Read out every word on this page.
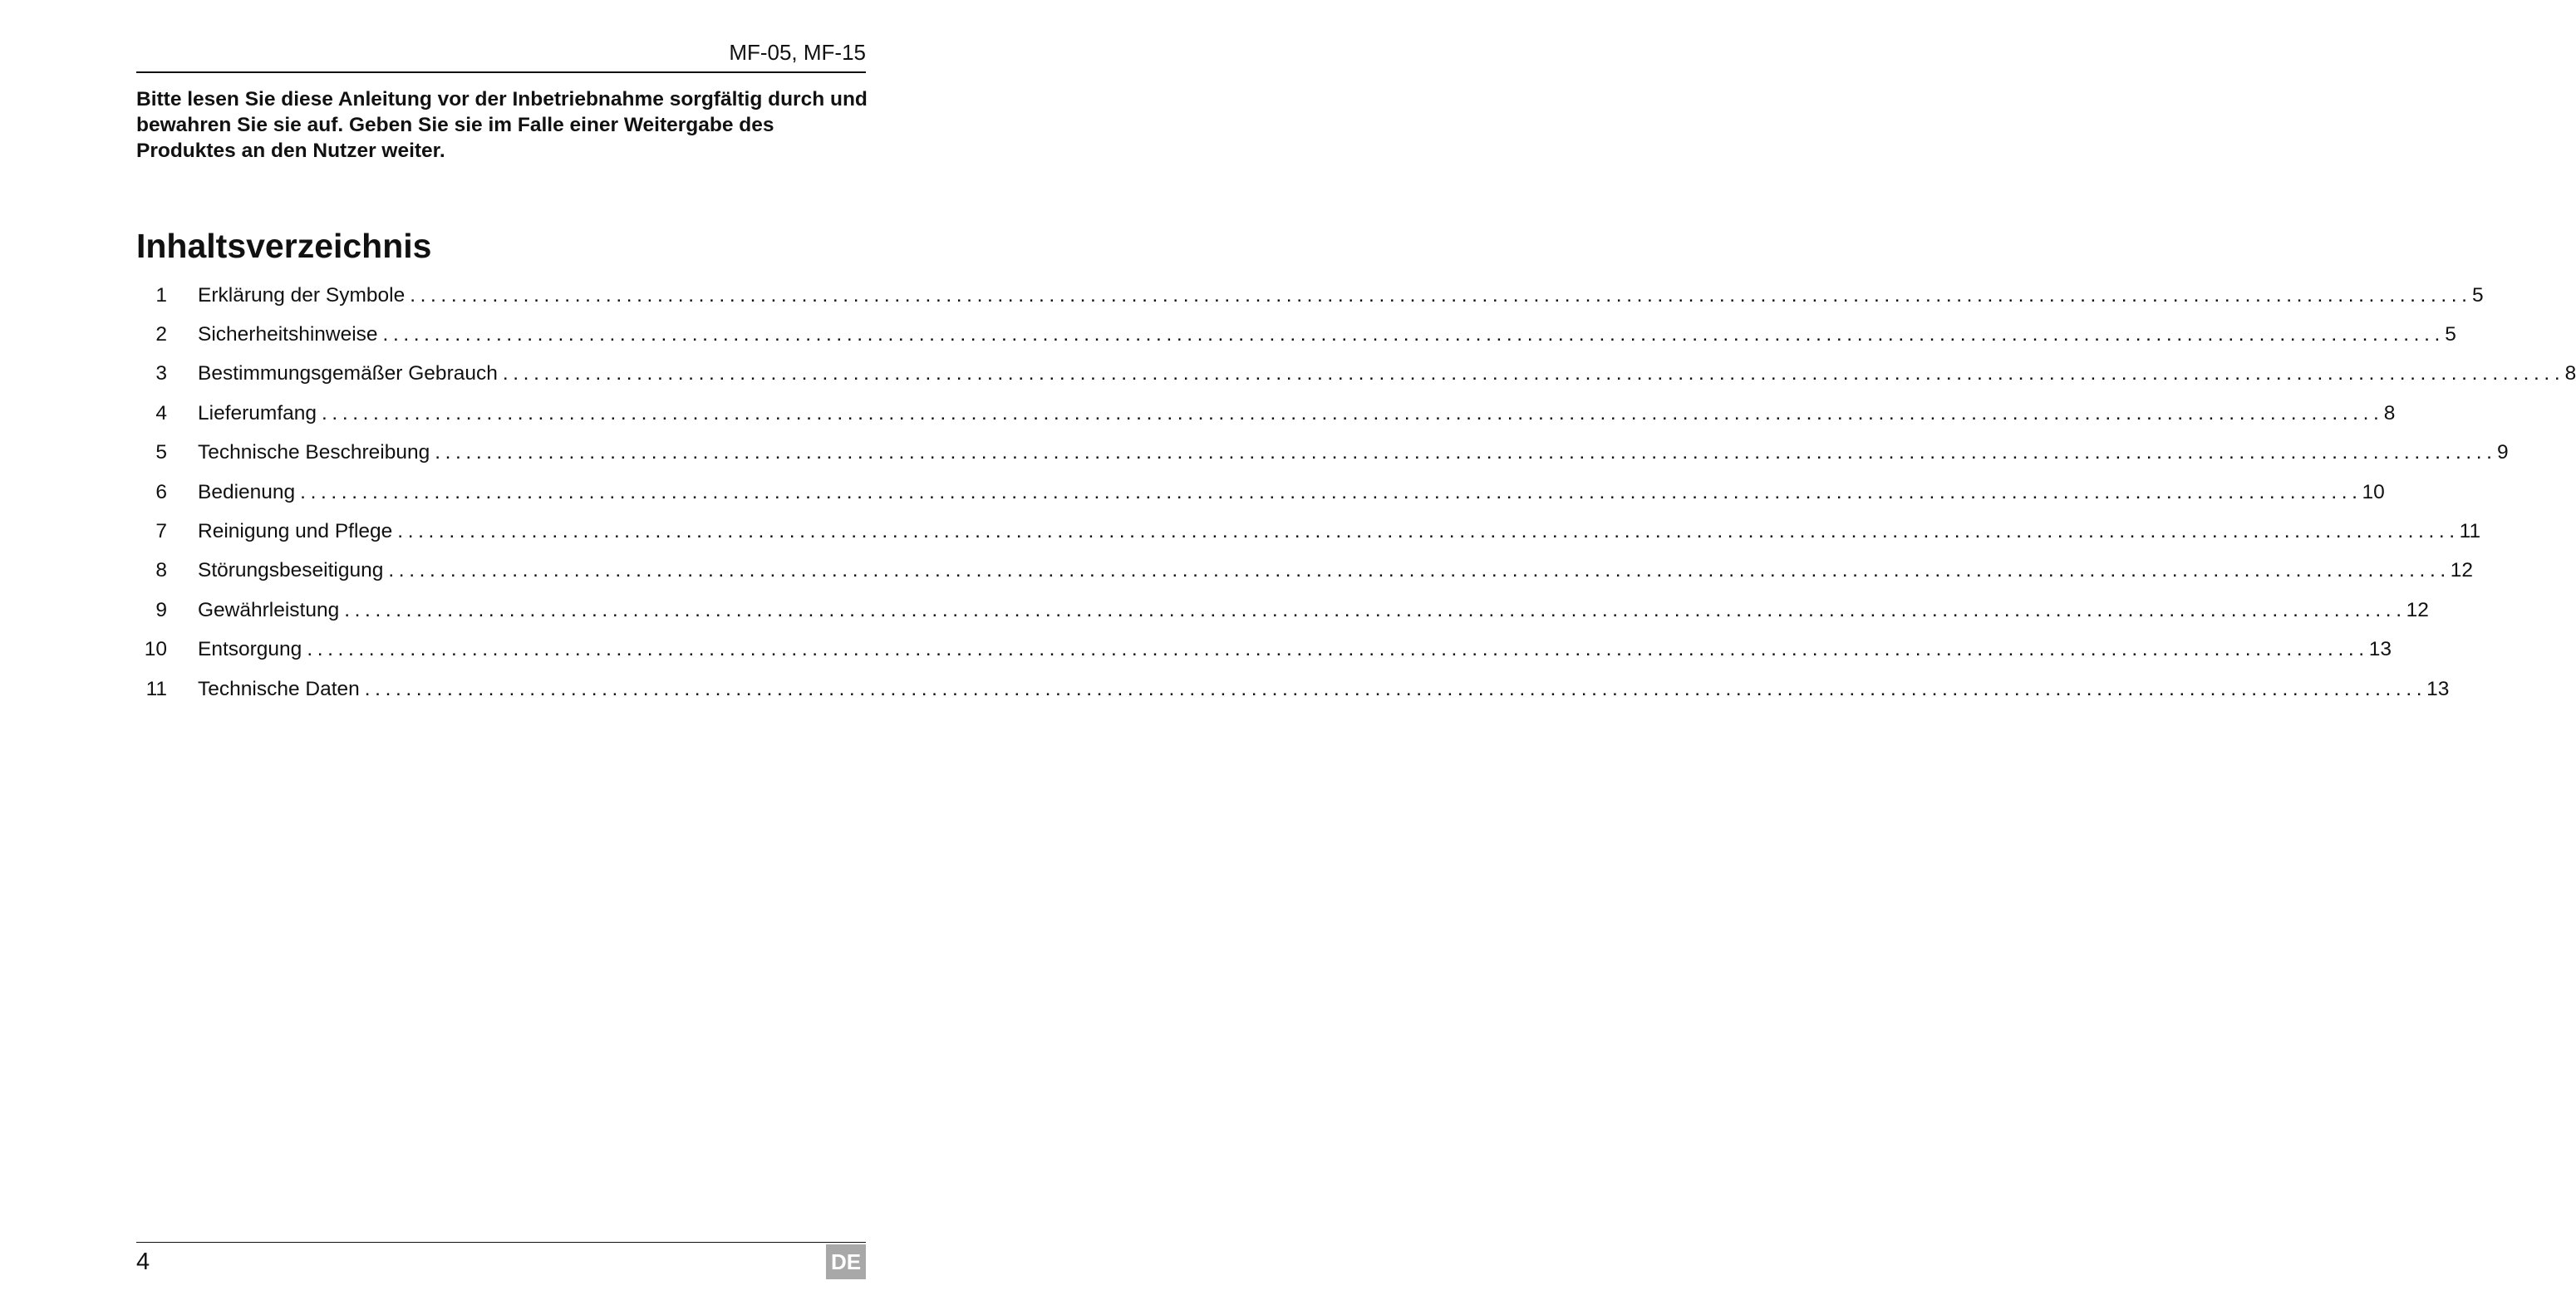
MF-05, MF-15

Bitte lesen Sie diese Anleitung vor der Inbetriebnahme sorgfältig durch und bewahren Sie sie auf. Geben Sie sie im Falle einer Weitergabe des Produktes an den Nutzer weiter.

Inhaltsverzeichnis
1 Erklärung der Symbole ........................................................................................................................................................................................................ 5
2 Sicherheitshinweise ........................................................................................................................................................................................................ 5
3 Bestimmungsgemäßer Gebrauch ........................................................................................................................................................................................................ 8
4 Lieferumfang ........................................................................................................................................................................................................ 8
5 Technische Beschreibung ........................................................................................................................................................................................................ 9
6 Bedienung ........................................................................................................................................................................................................ 10
7 Reinigung und Pflege ........................................................................................................................................................................................................ 11
8 Störungsbeseitigung ........................................................................................................................................................................................................ 12
9 Gewährleistung ........................................................................................................................................................................................................ 12
10 Entsorgung ........................................................................................................................................................................................................ 13
11 Technische Daten ........................................................................................................................................................................................................ 13
4	DE
